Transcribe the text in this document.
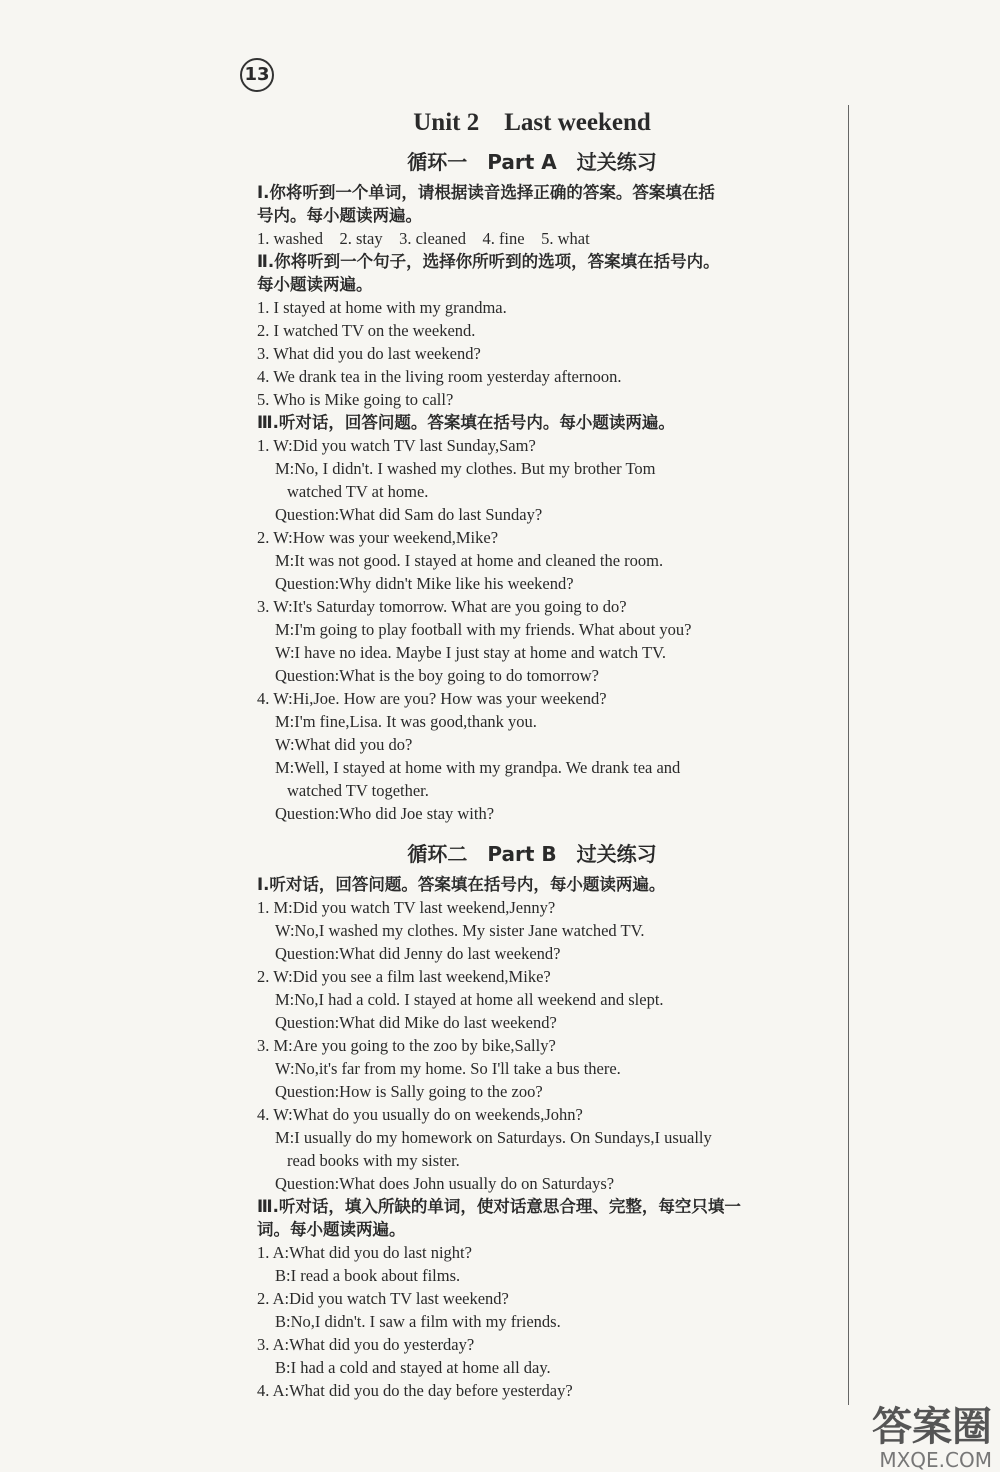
13
Unit 2　Last weekend
循环一　Part A　过关练习
Ⅰ.你将听到一个单词，请根据读音选择正确的答案。答案填在括
号内。每小题读两遍。
1. washed　2. stay　3. cleaned　4. fine　5. what
Ⅱ.你将听到一个句子，选择你所听到的选项，答案填在括号内。
每小题读两遍。
1. I stayed at home with my grandma.
2. I watched TV on the weekend.
3. What did you do last weekend?
4. We drank tea in the living room yesterday afternoon.
5. Who is Mike going to call?
Ⅲ.听对话，回答问题。答案填在括号内。每小题读两遍。
1. W:Did you watch TV last Sunday,Sam?
M:No, I didn't. I washed my clothes. But my brother Tom
watched TV at home.
Question:What did Sam do last Sunday?
2. W:How was your weekend,Mike?
M:It was not good. I stayed at home and cleaned the room.
Question:Why didn't Mike like his weekend?
3. W:It's Saturday tomorrow. What are you going to do?
M:I'm going to play football with my friends. What about you?
W:I have no idea. Maybe I just stay at home and watch TV.
Question:What is the boy going to do tomorrow?
4. W:Hi,Joe. How are you? How was your weekend?
M:I'm fine,Lisa. It was good,thank you.
W:What did you do?
M:Well, I stayed at home with my grandpa. We drank tea and
watched TV together.
Question:Who did Joe stay with?
循环二　Part B　过关练习
Ⅰ.听对话，回答问题。答案填在括号内，每小题读两遍。
1. M:Did you watch TV last weekend,Jenny?
W:No,I washed my clothes. My sister Jane watched TV.
Question:What did Jenny do last weekend?
2. W:Did you see a film last weekend,Mike?
M:No,I had a cold. I stayed at home all weekend and slept.
Question:What did Mike do last weekend?
3. M:Are you going to the zoo by bike,Sally?
W:No,it's far from my home. So I'll take a bus there.
Question:How is Sally going to the zoo?
4. W:What do you usually do on weekends,John?
M:I usually do my homework on Saturdays. On Sundays,I usually
read books with my sister.
Question:What does John usually do on Saturdays?
Ⅲ.听对话，填入所缺的单词，使对话意思合理、完整，每空只填一
词。每小题读两遍。
1. A:What did you do last night?
B:I read a book about films.
2. A:Did you watch TV last weekend?
B:No,I didn't. I saw a film with my friends.
3. A:What did you do yesterday?
B:I had a cold and stayed at home all day.
4. A:What did you do the day before yesterday?
答案圈
MXQE.COM
